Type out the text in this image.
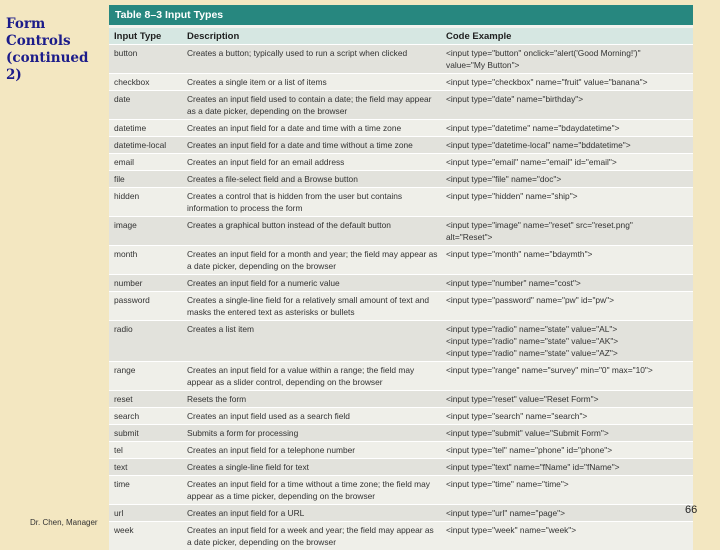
Form
Controls
(continued 2)
Table 8–3 Input Types
Input Type	Description	Code Example
button	Creates a button; typically used to run a script when clicked	<input type="button" onclick="alert('Good Morning!')"
value="My Button">
checkbox	Creates a single item or a list of items	<input type="checkbox" name="fruit" value="banana">
date	Creates an input field used to contain a date; the field may appear as a date picker, depending on the browser
<input type="date" name="birthday">
datetime	Creates an input field for a date and time with a time zone	<input type="datetime" name="bdaydatetime">
datetime-local	Creates an input field for a date and time without a time zone	<input type="datetime-local" name="bddatetime">
email	Creates an input field for an email address	<input type="email" name="email" id="email">
file	Creates a file-select field and a Browse button	<input type="file" name="doc">
hidden	Creates a control that is hidden from the user but contains information to process the form
<input type="hidden" name="ship">
image	Creates a graphical button instead of the default button	<input type="image" name="reset" src="reset.png"
alt="Reset">
month	Creates an input field for a month and year; the field may appear as a date picker, depending on the browser
<input type="month" name="bdaymth">
number	Creates an input field for a numeric value	<input type="number" name="cost">
password	Creates a single-line field for a relatively small amount of text and masks the entered text as asterisks or bullets
<input type="password" name="pw" id="pw">
radio	Creates a list item	<input type="radio" name="state" value="AL">
<input type="radio" name="state" value="AK">
<input type="radio" name="state" value="AZ">
range	Creates an input field for a value within a range; the field may appear as a slider control, depending on the browser
<input type="range" name="survey" min="0" max="10">
reset	Resets the form	<input type="reset" value="Reset Form">
search	Creates an input field used as a search field	<input type="search" name="search">
submit	Submits a form for processing	<input type="submit" value="Submit Form">
tel	Creates an input field for a telephone number	<input type="tel" name="phone" id="phone">
text	Creates a single-line field for text	<input type="text" name="fName" id="fName">
time	Creates an input field for a time without a time zone; the field may appear as a time picker, depending on the browser
<input type="time" name="time">
url	Creates an input field for a URL	<input type="url" name="page">
week	Creates an input field for a week and year; the field may appear as a date picker, depending on the browser
<input type="week" name="week">
Dr. Chen, Manager
66
